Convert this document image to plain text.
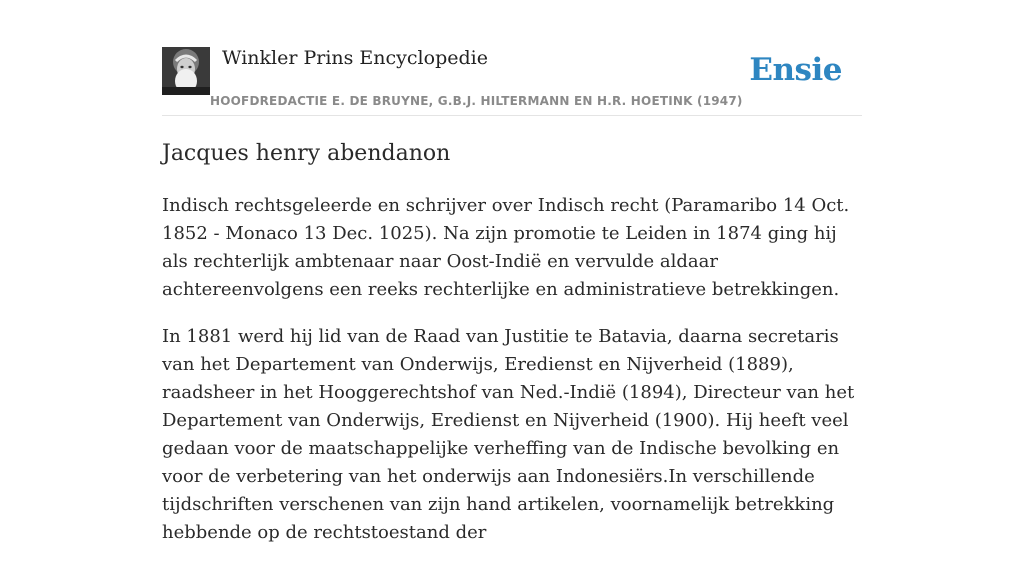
Winkler Prins Encyclopedie
HOOFDREDACTIE E. DE BRUYNE, G.B.J. HILTERMANN EN H.R. HOETINK (1947)
Ensie
Jacques henry abendanon

Indisch rechtsgeleerde en schrijver over Indisch recht (Paramaribo 14 Oct. 1852 - Monaco 13 Dec. 1025). Na zijn promotie te Leiden in 1874 ging hij als rechterlijk ambtenaar naar Oost-Indië en vervulde aldaar achtereenvolgens een reeks rechterlijke en administratieve betrekkingen.

In 1881 werd hij lid van de Raad van Justitie te Batavia, daarna secretaris van het Departement van Onderwijs, Eredienst en Nijverheid (1889), raadsheer in het Hooggerechtshof van Ned.-Indië (1894), Directeur van het Departement van Onderwijs, Eredienst en Nijverheid (1900). Hij heeft veel gedaan voor de maatschappelijke verheffing van de Indische bevolking en voor de verbetering van het onderwijs aan Indonesiërs.In verschillende tijdschriften verschenen van zijn hand artikelen, voornamelijk betrekking hebbende op de rechtstoestand der
